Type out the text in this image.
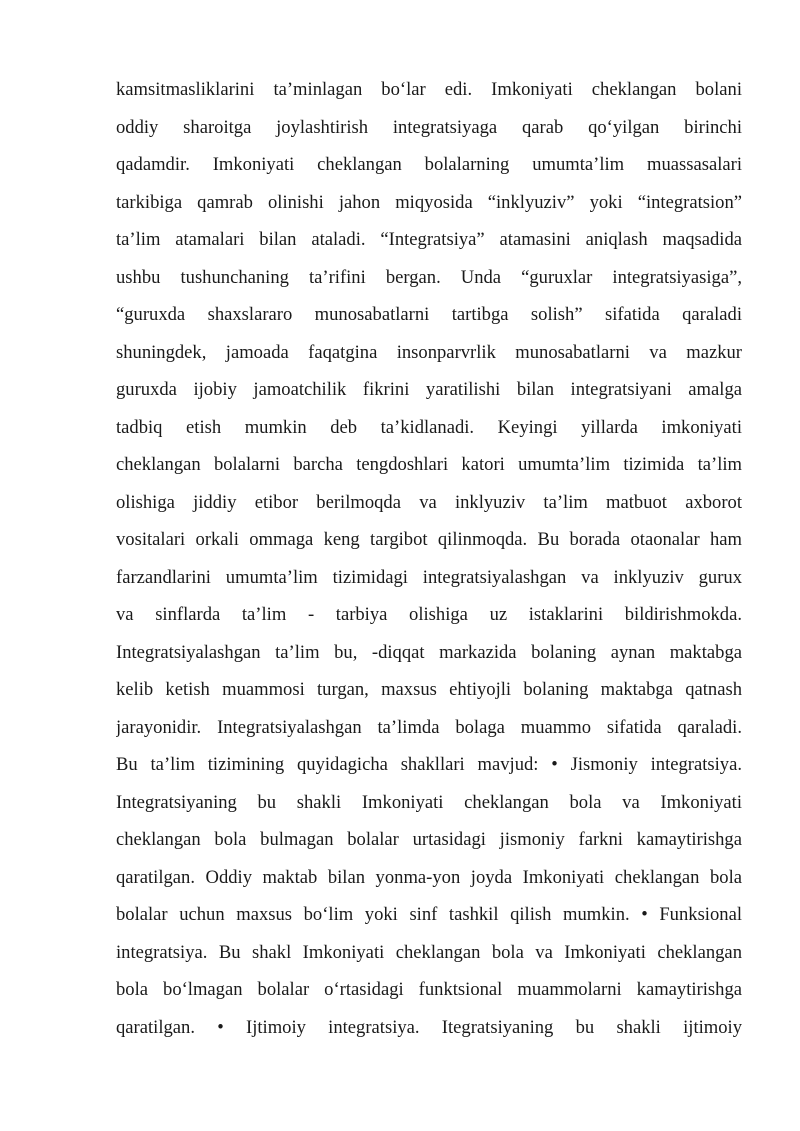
kamsitmasliklarini ta’minlagan bo‘lar edi. Imkoniyati cheklangan bolani
oddiy sharoitga joylashtirish integratsiyaga qarab qo‘yilgan birinchi
qadamdir. Imkoniyati cheklangan bolalarning umumta’lim muassasalari
tarkibiga qamrab olinishi jahon miqyosida “inklyuziv” yoki “integratsion”
ta’lim atamalari bilan ataladi. “Integratsiya” atamasini aniqlash maqsadida
ushbu tushunchaning ta’rifini bergan. Unda “guruxlar integratsiyasiga”,
“guruxda shaxslararo munosabatlarni tartibga solish” sifatida qaraladi
shuningdek, jamoada faqatgina insonparvrlik munosabatlarni va mazkur
guruxda ijobiy jamoatchilik fikrini yaratilishi bilan integratsiyani amalga
tadbiq etish mumkin deb ta’kidlanadi. Keyingi yillarda imkoniyati
cheklangan bolalarni barcha tengdoshlari katori umumta’lim tizimida ta’lim
olishiga jiddiy etibor berilmoqda va inklyuziv ta’lim matbuot axborot
vositalari orkali ommaga keng targibot qilinmoqda. Bu borada otaonalar ham
farzandlarini umumta’lim tizimidagi integratsiyalashgan va inklyuziv gurux
va sinflarda ta’lim - tarbiya olishiga uz istaklarini bildirishmokda.
Integratsiyalashgan ta’lim bu, -diqqat markazida bolaning aynan maktabga
kelib ketish muammosi turgan, maxsus ehtiyojli bolaning maktabga qatnash
jarayonidir. Integratsiyalashgan ta’limda bolaga muammo sifatida qaraladi.
Bu ta’lim tizimining quyidagicha shakllari mavjud: • Jismoniy integratsiya.
Integratsiyaning bu shakli Imkoniyati cheklangan bola va Imkoniyati
cheklangan bola bulmagan bolalar urtasidagi jismoniy farkni kamaytirishga
qaratilgan. Oddiy maktab bilan yonma-yon joyda Imkoniyati cheklangan bola
bolalar uchun maxsus bo‘lim yoki sinf tashkil qilish mumkin. • Funksional
integratsiya. Bu shakl Imkoniyati cheklangan bola va Imkoniyati cheklangan
bola bo‘lmagan bolalar o‘rtasidagi funktsional muammolarni kamaytirishga
qaratilgan. • Ijtimoiy integratsiya. Itegratsiyaning bu shakli ijtimoiy
